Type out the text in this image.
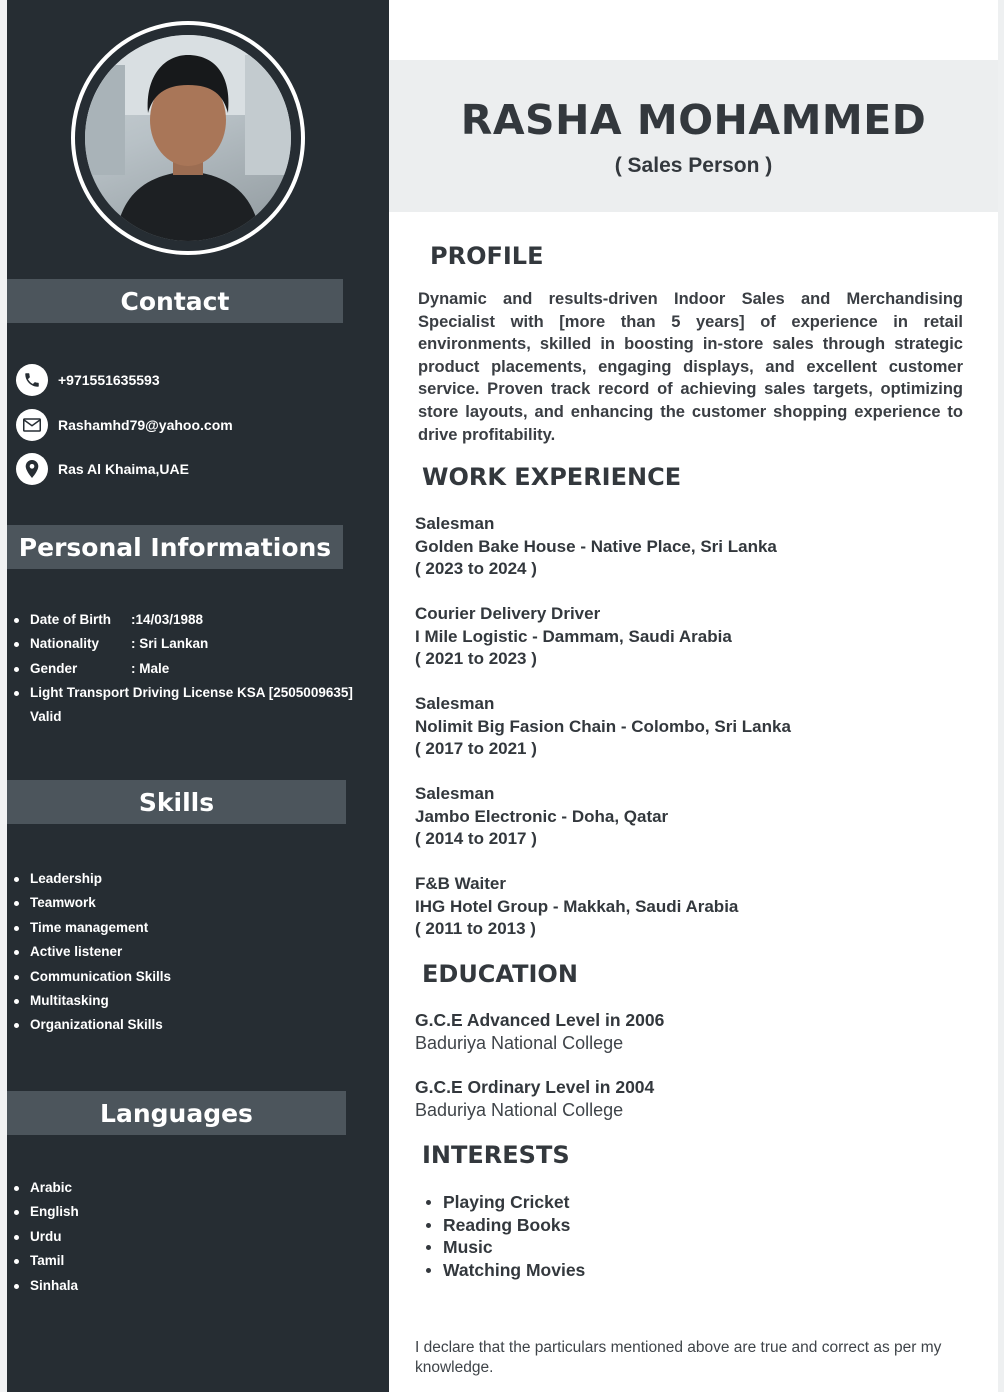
Contact
+971551635593
Rashamhd79@yahoo.com
Ras Al Khaima,UAE
Personal Informations
Date of Birth :14/03/1988
Nationality : Sri Lankan
Gender	: Male
Light Transport Driving License KSA [2505009635]
Valid
Skills
Leadership
Teamwork
Time management
Active listener
Communication Skills
Multitasking
Organizational Skills
Languages
Arabic
English
Urdu
Tamil
Sinhala
RASHA MOHAMMED
( Sales Person )
PROFILE
Dynamic and results-driven Indoor Sales and Merchandising Specialist with [more than 5 years] of experience in retail environments, skilled in boosting in-store sales through strategic product placements, engaging displays, and excellent customer service. Proven track record of achieving sales targets, optimizing store layouts, and enhancing the customer shopping experience to drive profitability.
WORK EXPERIENCE
Salesman
Golden Bake House - Native Place, Sri Lanka
( 2023 to 2024 )
Courier Delivery Driver
I Mile Logistic - Dammam, Saudi Arabia
( 2021 to 2023 )
Salesman
Nolimit Big Fasion Chain - Colombo, Sri Lanka
( 2017 to 2021 )
Salesman
Jambo Electronic - Doha, Qatar
( 2014 to 2017 )
F&B Waiter
IHG Hotel Group - Makkah, Saudi Arabia
( 2011 to 2013 )
EDUCATION
G.C.E Advanced Level in 2006
Baduriya National College
G.C.E Ordinary Level in 2004
Baduriya National College
INTERESTS
Playing Cricket
Reading Books
Music
Watching Movies
I declare that the particulars mentioned above are true and correct as per my knowledge.
